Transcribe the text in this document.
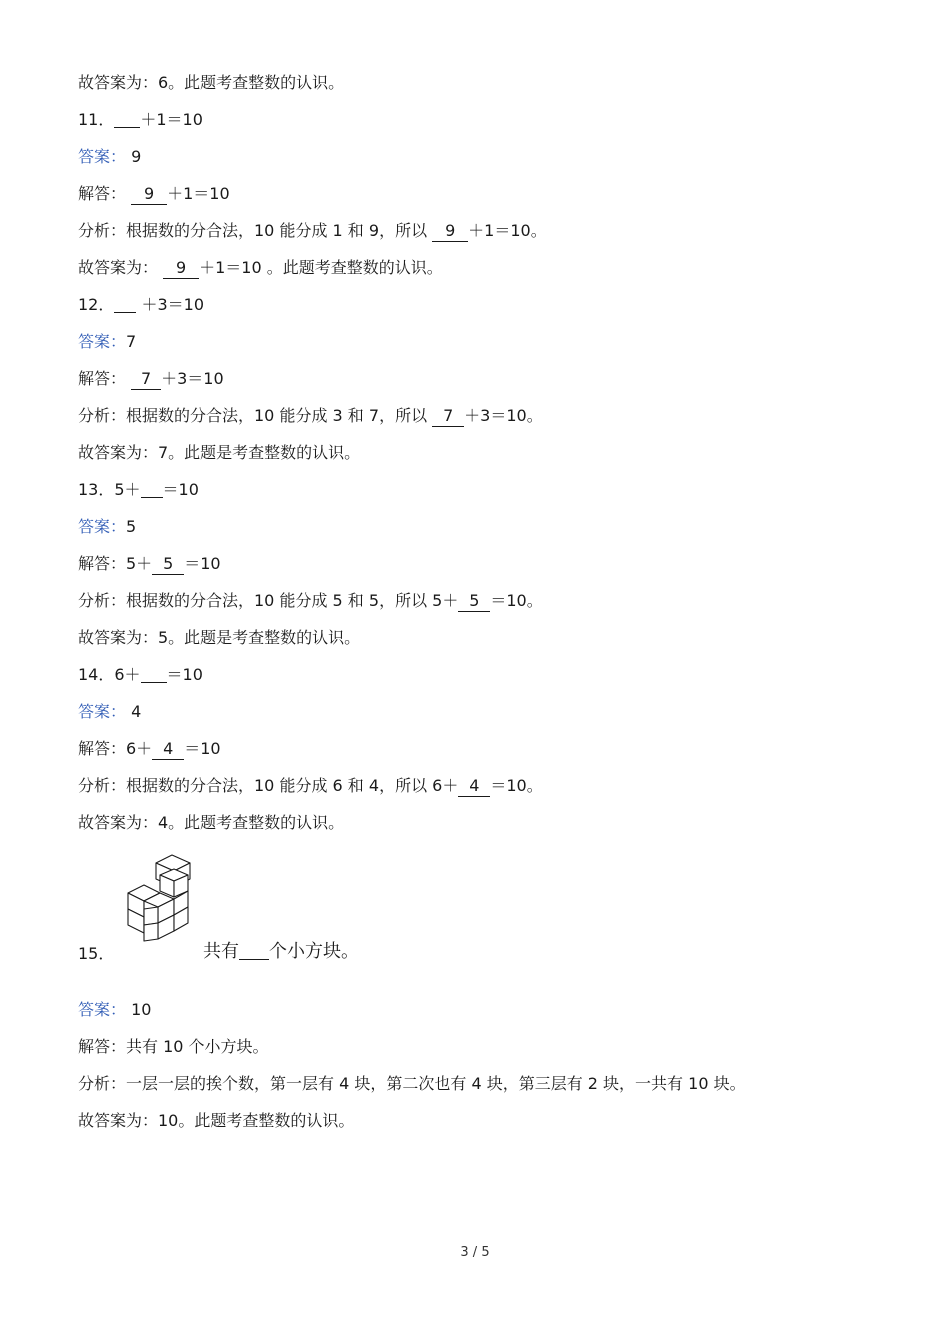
故答案为：6。此题考查整数的认识。
11． ＋1＝10
答案： 9
解答： 9 ＋1＝10
分析：根据数的分合法，10 能分成 1 和 9，所以 9 ＋1＝10。
故答案为： 9 ＋1＝10 。此题考查整数的认识。
12． ＋3＝10
答案：7
解答： 7 ＋3＝10
分析：根据数的分合法，10 能分成 3 和 7，所以 7 ＋3＝10。
故答案为：7。此题是考查整数的认识。
13．5＋ ＝10
答案：5
解答：5＋ 5 ＝10
分析：根据数的分合法，10 能分成 5 和 5，所以 5＋ 5 ＝10。
故答案为：5。此题是考查整数的认识。
14．6＋ ＝10
答案： 4
解答：6＋ 4 ＝10
分析：根据数的分合法，10 能分成 6 和 4，所以 6＋ 4 ＝10。
故答案为：4。此题考查整数的认识。
15．	共有 个小方块。
答案： 10
解答：共有 10 个小方块。
分析：一层一层的挨个数，第一层有 4 块，第二次也有 4 块，第三层有 2 块，一共有 10 块。
故答案为：10。此题考查整数的认识。
3 / 5
